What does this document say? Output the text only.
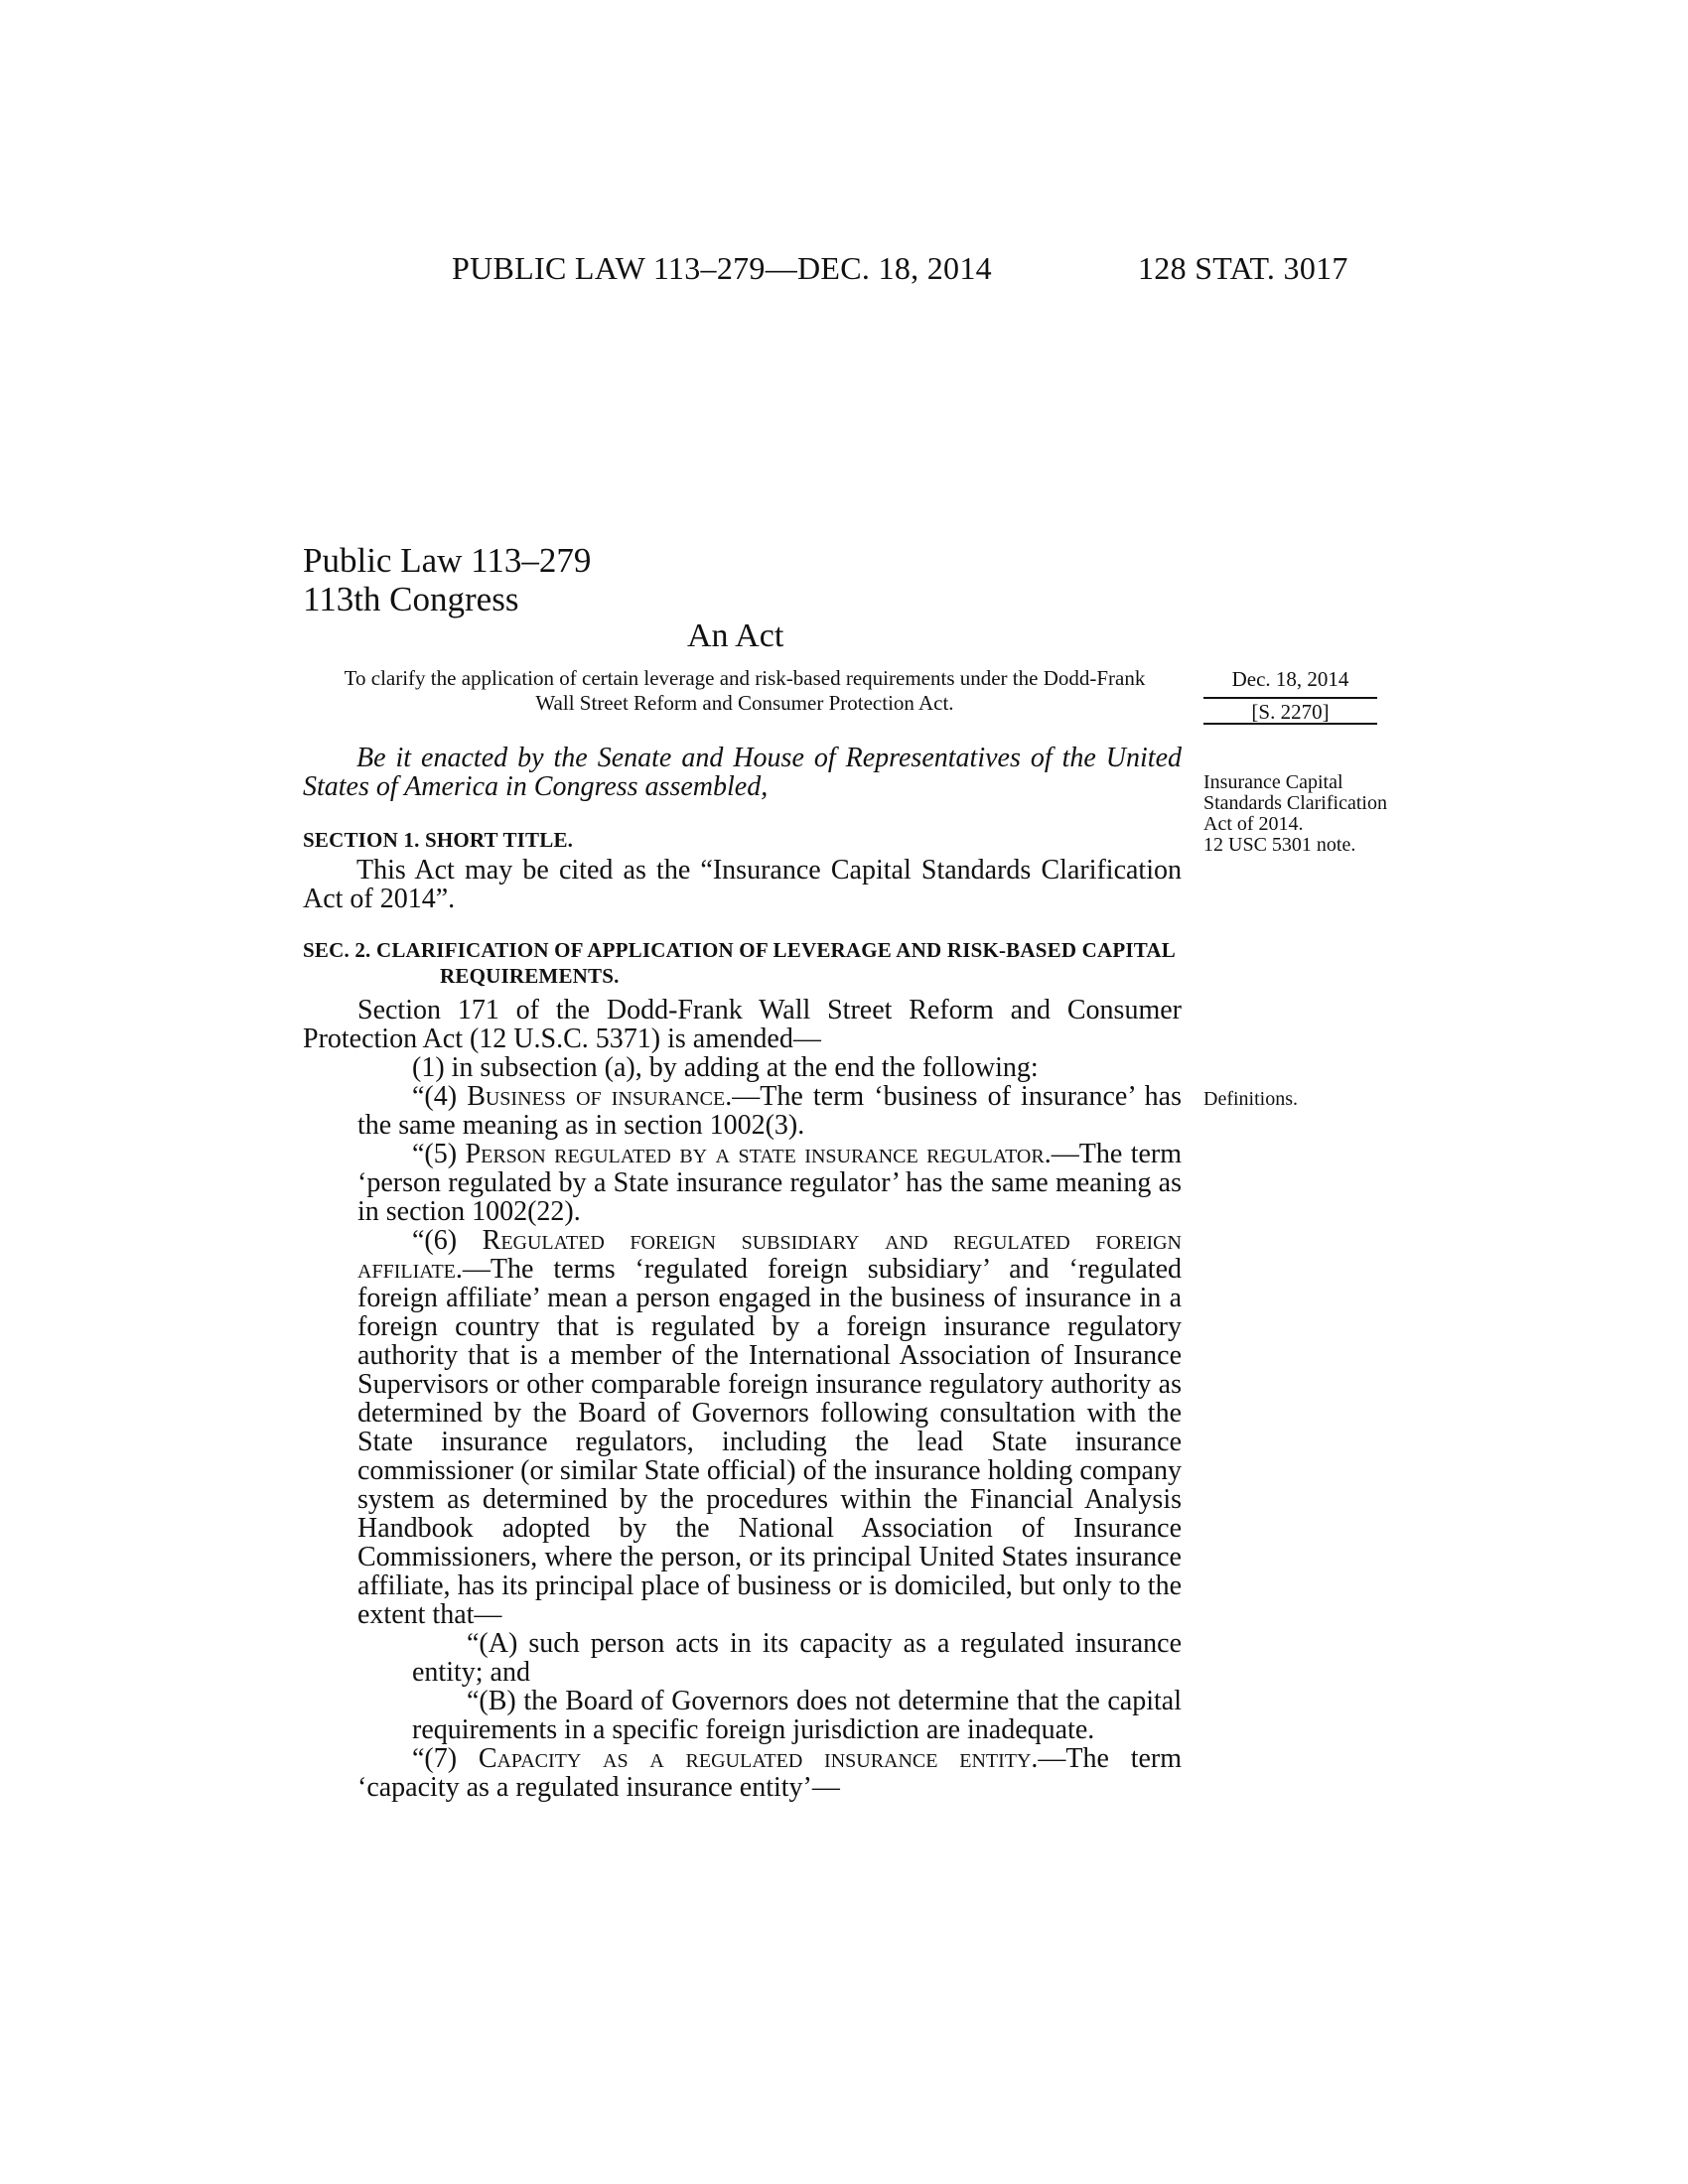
PUBLIC LAW 113–279—DEC. 18, 2014	128 STAT. 3017
Public Law 113–279
113th Congress
An Act
To clarify the application of certain leverage and risk-based requirements under the Dodd-Frank Wall Street Reform and Consumer Protection Act.
Dec. 18, 2014
[S. 2270]
Insurance Capital Standards Clarification Act of 2014.
12 USC 5301 note.
Definitions.
Be it enacted by the Senate and House of Representatives of the United States of America in Congress assembled,
SECTION 1. SHORT TITLE.
This Act may be cited as the “Insurance Capital Standards Clarification Act of 2014”.
SEC. 2. CLARIFICATION OF APPLICATION OF LEVERAGE AND RISK-BASED CAPITAL REQUIREMENTS.

Section 171 of the Dodd-Frank Wall Street Reform and Consumer Protection Act (12 U.S.C. 5371) is amended—

(1) in subsection (a), by adding at the end the following:

“(4) Business of insurance.—The term ‘business of insurance’ has the same meaning as in section 1002(3).

“(5) Person regulated by a state insurance regulator.—The term ‘person regulated by a State insurance regulator’ has the same meaning as in section 1002(22).

“(6) Regulated foreign subsidiary and regulated foreign affiliate.—The terms ‘regulated foreign subsidiary’ and ‘regulated foreign affiliate’ mean a person engaged in the business of insurance in a foreign country that is regulated by a foreign insurance regulatory authority that is a member of the International Association of Insurance Supervisors or other comparable foreign insurance regulatory authority as determined by the Board of Governors following consultation with the State insurance regulators, including the lead State insurance commissioner (or similar State official) of the insurance holding company system as determined by the procedures within the Financial Analysis Handbook adopted by the National Association of Insurance Commissioners, where the person, or its principal United States insurance affiliate, has its principal place of business or is domiciled, but only to the extent that—

“(A) such person acts in its capacity as a regulated insurance entity; and

“(B) the Board of Governors does not determine that the capital requirements in a specific foreign jurisdiction are inadequate.

“(7) Capacity as a regulated insurance entity.—The term ‘capacity as a regulated insurance entity’—
